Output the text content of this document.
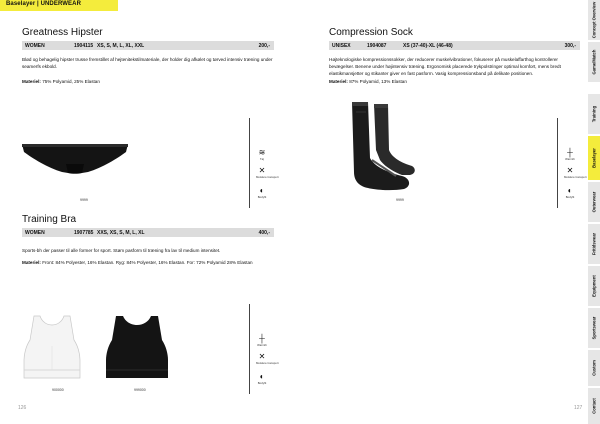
Baselayer | UNDERWEAR
Greatness Hipster
WOMEN	1904115 XS, S, M, L, XL, XXL	200,-
Blød og behagelig hipster trusse fremstillet af hejtenitekstilmateriale, der holder dig afkølet og tørved intensiv træning under seamerfs ekbold.
Materiel: 75% Polyamid, 25% Elastan
9999
≋
Tøj
✕
Moisture transport
◐
Bodyfit
Training Bra
WOMEN	1907785 XXS, XS, S, M, L, XL	400,-
Sports-bh der passer til alle former for sport. Støm pasform til træning fra lav til medium intensitet.
Materiel: Front: 84% Polyester, 16% Elastan. Ryg: 84% Polyester, 16% Elastan. For: 72% Polyamid 28% Elastan
900000	999000
┼
Warmth
✕
Moisture transport
◐
Bodyfit
Compression Sock
UNISEX	1904087	XS (37-40)-XL (46-48)	300,-
Højteknologiske kompressionssokker, der reducerer muskelvibrationer, fokuserer på muskelaffarthog kontrollerer bevægelser. Benene under højintensiv træning. Ergonomisk placerede trykpolstringer optimal komfort, mens bredt elastikmansjetter og stikanter giver en fast pasform. Vasig kompressionsband på delikate positionen.
Materiel: 87% Polyamid, 13% Elastan
9999
┼
Warmth
✕
Moisture transport
◐
Bodyfit
126	127
Concept Overview
Game/Match
Training
Baselayer
Outerwear
Fritidswear
Equipment
Sportswear
Custom
Contact
